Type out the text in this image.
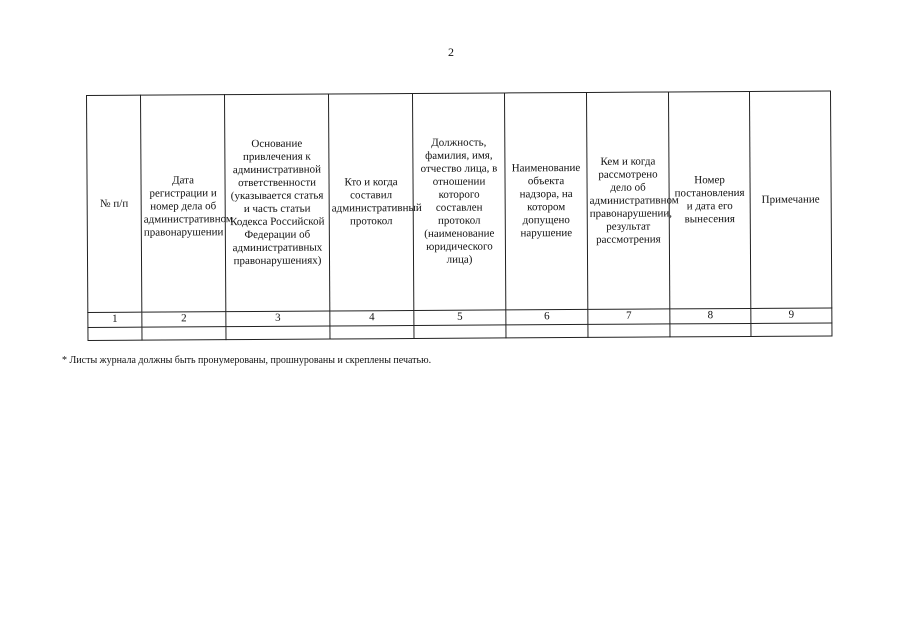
2
№ п/п	Дата регистрации и номер дела об административном правонарушении	Основание привлечения к административной ответственности (указывается статья и часть статьи Кодекса Российской Федерации об административных правонарушениях)	Кто и когда составил административный протокол	Должность, фамилия, имя, отчество лица, в отношении которого составлен протокол (наименование юридического лица)	Наименование объекта надзора, на котором допущено нарушение	Кем и когда рассмотрено дело об административном правонарушении, результат рассмотрения	Номер постановления и дата его вынесения	Примечание
1	2	3	4	5	6	7	8	9

* Листы журнала должны быть пронумерованы, прошнурованы и скреплены печатью.
